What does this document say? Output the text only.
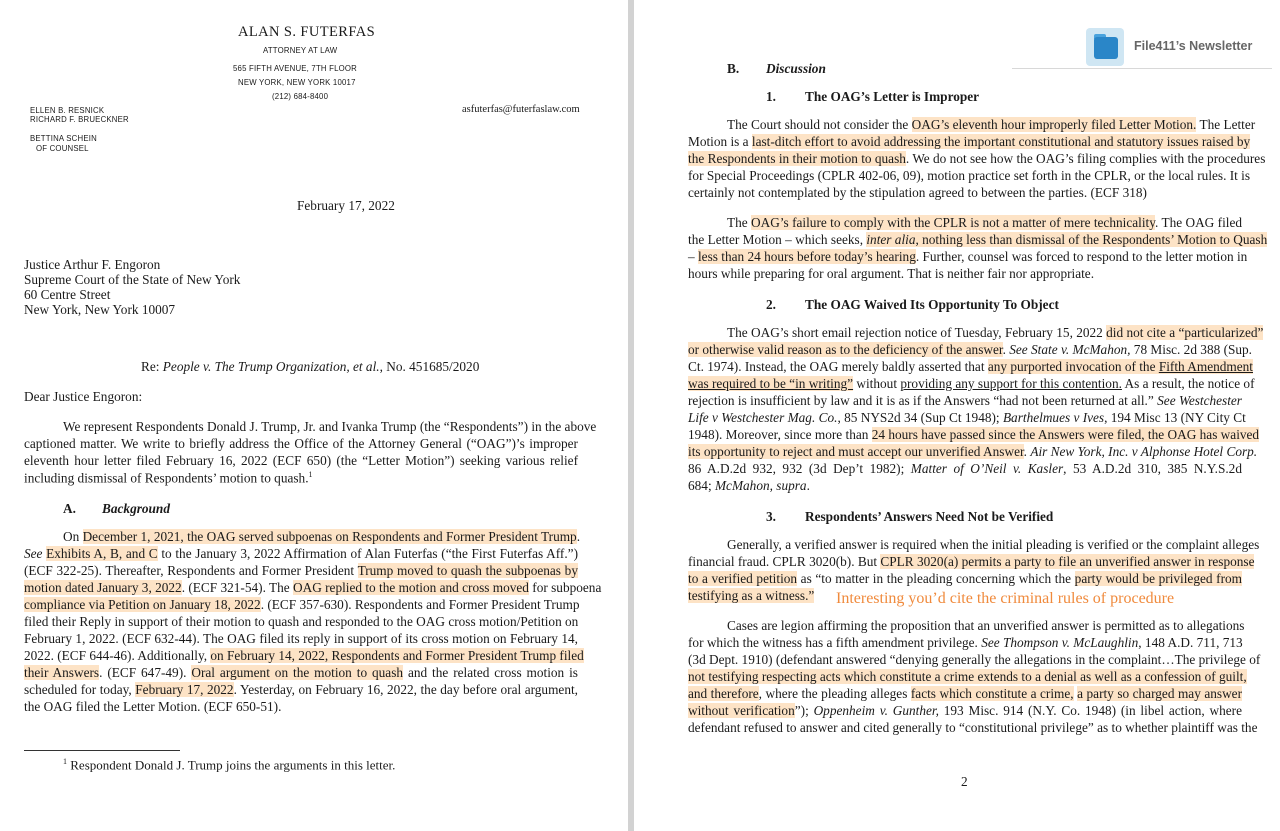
ALAN S. FUTERFAS
ATTORNEY AT LAW
565 FIFTH AVENUE, 7TH FLOOR
NEW YORK, NEW YORK 10017
(212) 684-8400
ELLEN B. RESNICK
RICHARD F. BRUECKNER
BETTINA SCHEIN
OF COUNSEL
asfuterfas@futerfaslaw.com
February 17, 2022
Justice Arthur F. Engoron
Supreme Court of the State of New York
60 Centre Street
New York, New York 10007
Re: People v. The Trump Organization, et al., No. 451685/2020
Dear Justice Engoron:
We represent Respondents Donald J. Trump, Jr. and Ivanka Trump (the “Respondents”) in the above
captioned matter. We write to briefly address the Office of the Attorney General (“OAG”)’s improper
eleventh hour letter filed February 16, 2022 (ECF 650) (the “Letter Motion”) seeking various relief
including dismissal of Respondents’ motion to quash.$^1$
A. Background
On December 1, 2021, the OAG served subpoenas on Respondents and Former President Trump.
See Exhibits A, B, and C to the January 3, 2022 Affirmation of Alan Futerfas (“the First Futerfas Aff.”)
(ECF 322-25). Thereafter, Respondents and Former President Trump moved to quash the subpoenas by
motion dated January 3, 2022. (ECF 321-54). The OAG replied to the motion and cross moved for subpoena
compliance via Petition on January 18, 2022. (ECF 357-630). Respondents and Former President Trump
filed their Reply in support of their motion to quash and responded to the OAG cross motion/Petition on
February 1, 2022. (ECF 632-44). The OAG filed its reply in support of its cross motion on February 14,
2022. (ECF 644-46). Additionally, on February 14, 2022, Respondents and Former President Trump filed
their Answers. (ECF 647-49). Oral argument on the motion to quash and the related cross motion is
scheduled for today, February 17, 2022. Yesterday, on February 16, 2022, the day before oral argument,
the OAG filed the Letter Motion. (ECF 650-51).
$^1$ Respondent Donald J. Trump joins the arguments in this letter.
B. Discussion
1. The OAG’s Letter is Improper
The Court should not consider the OAG’s eleventh hour improperly filed Letter Motion. The Letter
Motion is a last-ditch effort to avoid addressing the important constitutional and statutory issues raised by
the Respondents in their motion to quash. We do not see how the OAG’s filing complies with the procedures
for Special Proceedings (CPLR 402-06, 09), motion practice set forth in the CPLR, or the local rules. It is
certainly not contemplated by the stipulation agreed to between the parties. (ECF 318)
The OAG’s failure to comply with the CPLR is not a matter of mere technicality. The OAG filed
the Letter Motion – which seeks, inter alia, nothing less than dismissal of the Respondents’ Motion to Quash
– less than 24 hours before today’s hearing. Further, counsel was forced to respond to the letter motion in
hours while preparing for oral argument. That is neither fair nor appropriate.
2. The OAG Waived Its Opportunity To Object
The OAG’s short email rejection notice of Tuesday, February 15, 2022 did not cite a “particularized”
or otherwise valid reason as to the deficiency of the answer. See State v. McMahon, 78 Misc. 2d 388 (Sup.
Ct. 1974). Instead, the OAG merely baldly asserted that any purported invocation of the Fifth Amendment
was required to be “in writing” without providing any support for this contention. As a result, the notice of
rejection is insufficient by law and it is as if the Answers “had not been returned at all.” See Westchester
Life v Westchester Mag. Co., 85 NYS2d 34 (Sup Ct 1948); Barthelmues v Ives, 194 Misc 13 (NY City Ct
1948). Moreover, since more than 24 hours have passed since the Answers were filed, the OAG has waived
its opportunity to reject and must accept our unverified Answer. Air New York, Inc. v Alphonse Hotel Corp.
86 A.D.2d 932, 932 (3d Dep’t 1982); Matter of O’Neil v. Kasler, 53 A.D.2d 310, 385 N.Y.S.2d
684; McMahon, supra.
3. Respondents’ Answers Need Not be Verified
Generally, a verified answer is required when the initial pleading is verified or the complaint alleges
financial fraud. CPLR 3020(b). But CPLR 3020(a) permits a party to file an unverified answer in response
to a verified petition as “to matter in the pleading concerning which the party would be privileged from
testifying as a witness.” Interesting you’d cite the criminal rules of procedure
Cases are legion affirming the proposition that an unverified answer is permitted as to allegations
for which the witness has a fifth amendment privilege. See Thompson v. McLaughlin, 148 A.D. 711, 713
(3d Dept. 1910) (defendant answered “denying generally the allegations in the complaint…The privilege of
not testifying respecting acts which constitute a crime extends to a denial as well as a confession of guilt,
and therefore, where the pleading alleges facts which constitute a crime, a party so charged may answer
without verification”); Oppenheim v. Gunther, 193 Misc. 914 (N.Y. Co. 1948) (in libel action, where
defendant refused to answer and cited generally to “constitutional privilege” as to whether plaintiff was the
2
File411’s Newsletter
